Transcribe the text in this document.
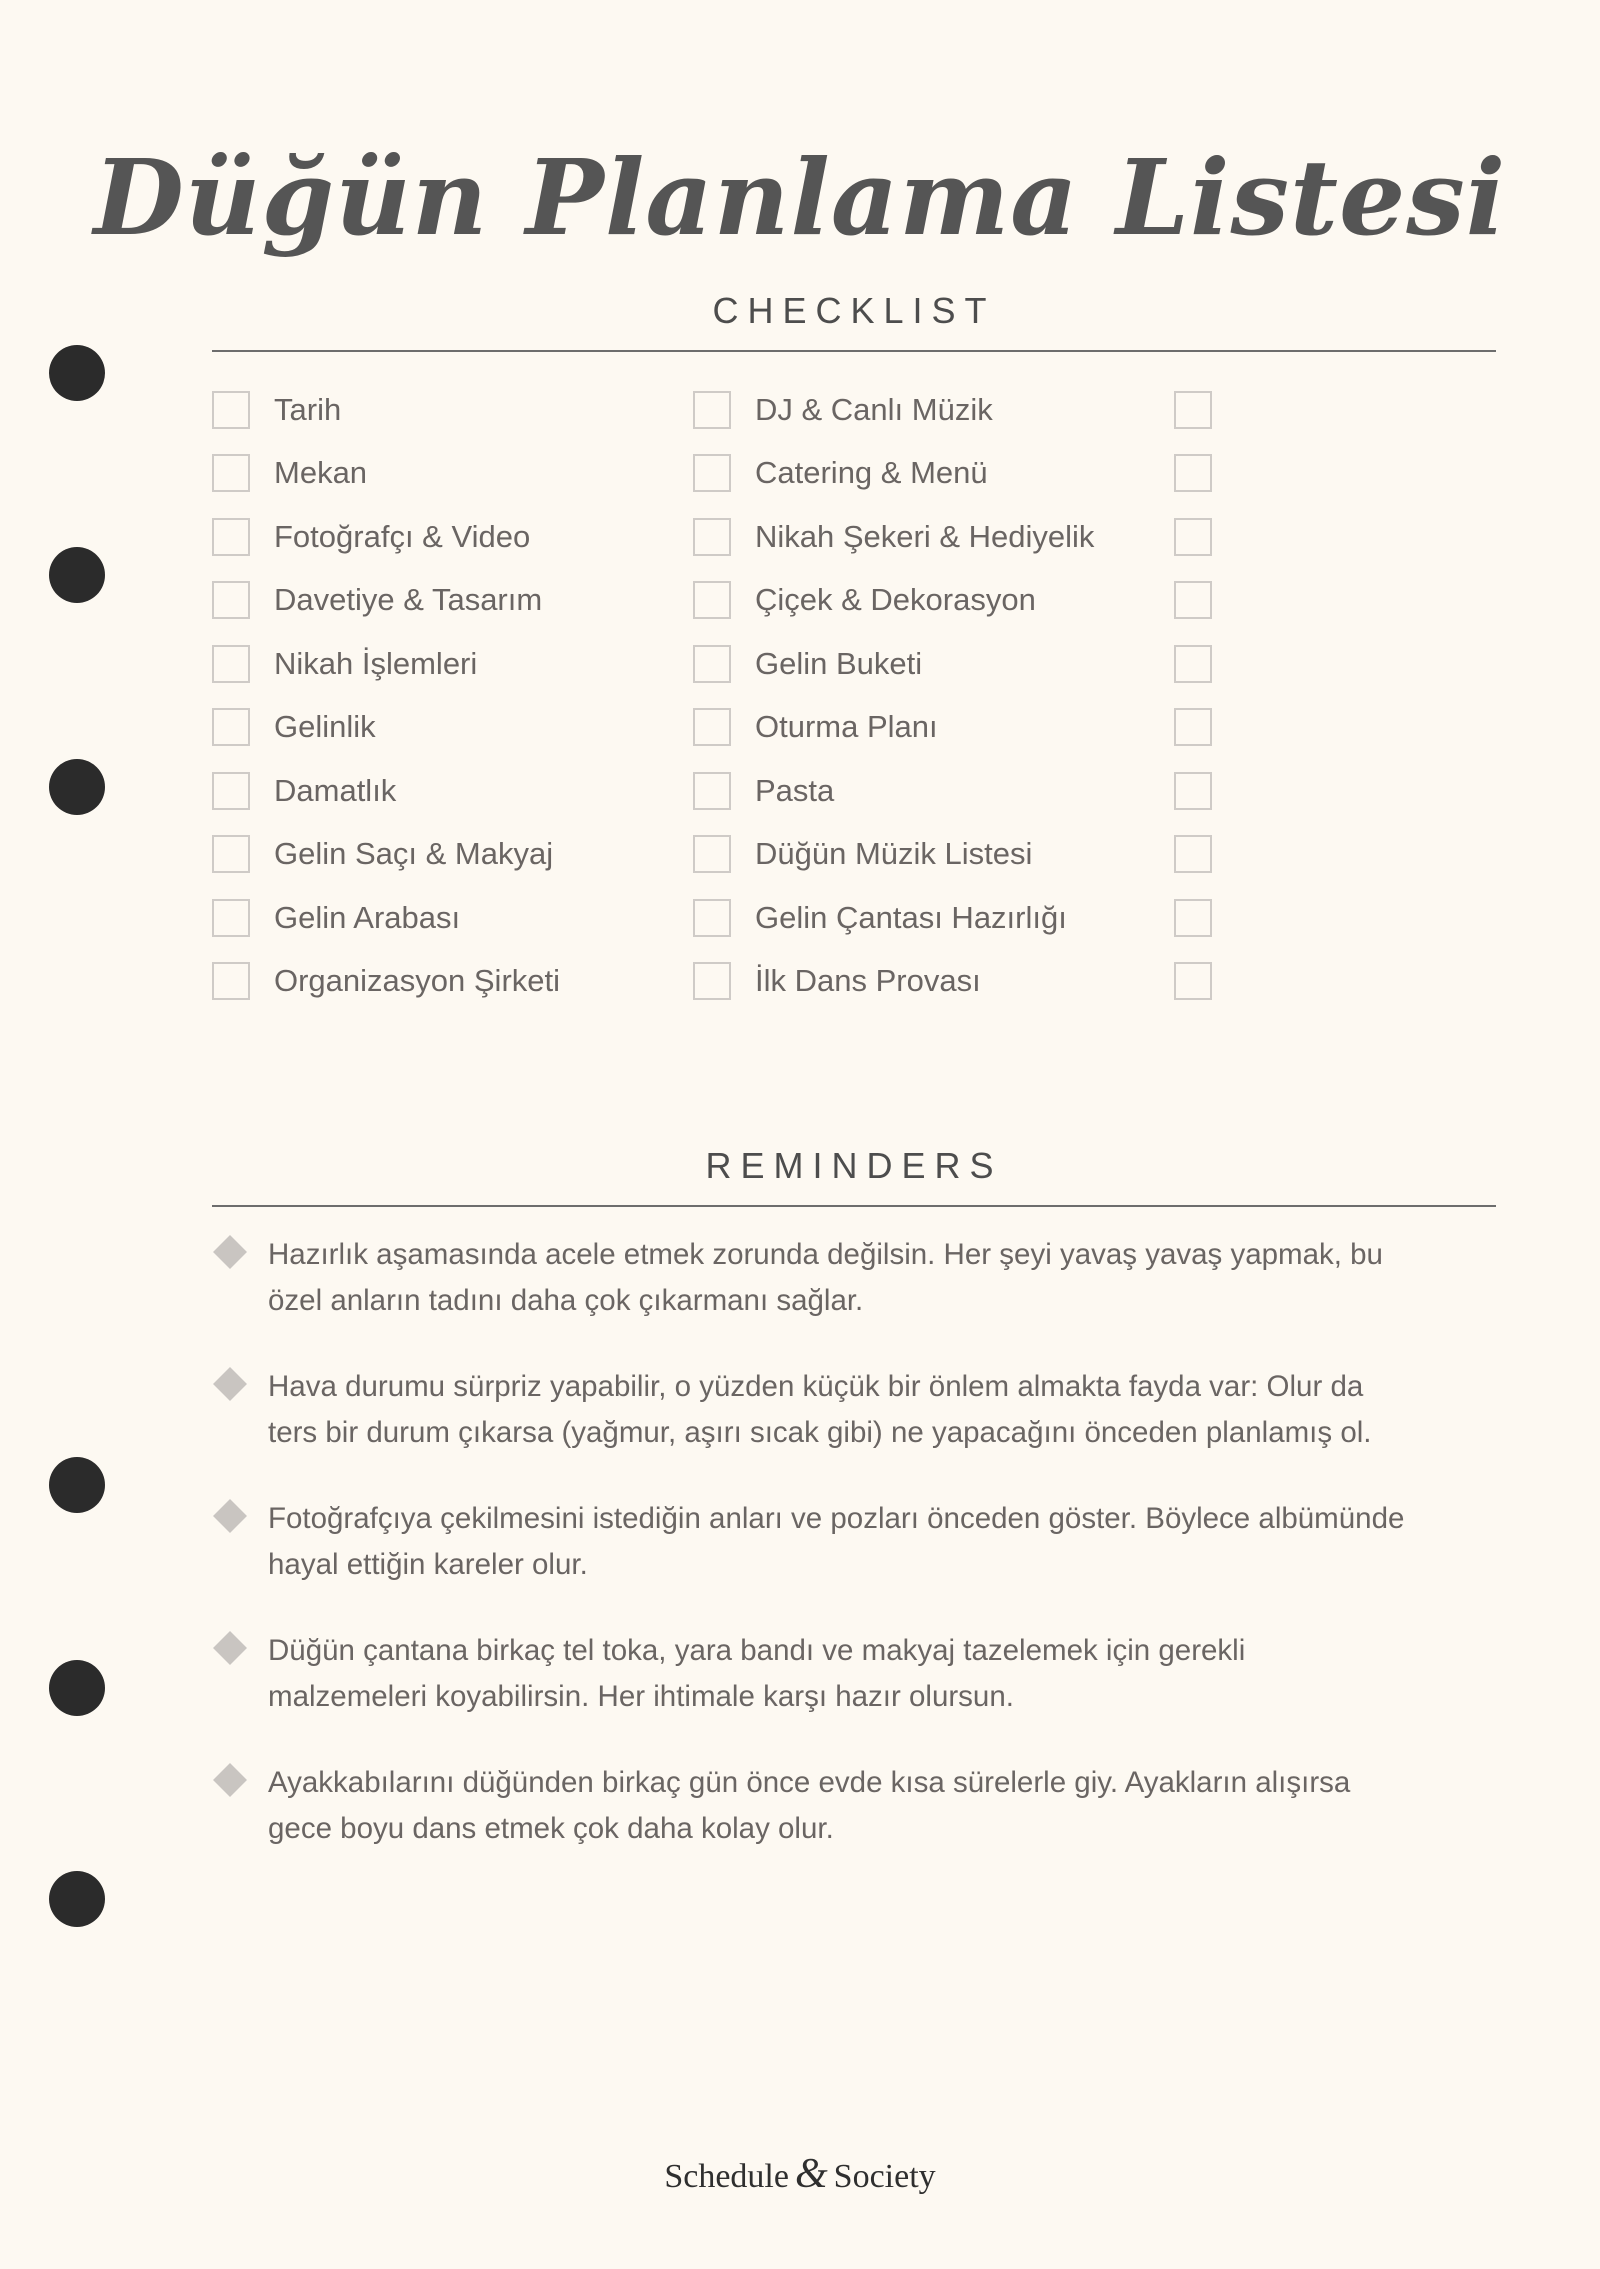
Düğün Planlama Listesi
CHECKLIST
Tarih
Mekan
Fotoğrafçı & Video
Davetiye & Tasarım
Nikah İşlemleri
Gelinlik
Damatlık
Gelin Saçı & Makyaj
Gelin Arabası
Organizasyon Şirketi
DJ & Canlı Müzik
Catering & Menü
Nikah Şekeri & Hediyelik
Çiçek & Dekorasyon
Gelin Buketi
Oturma Planı
Pasta
Düğün Müzik Listesi
Gelin Çantası Hazırlığı
İlk Dans Provası
REMINDERS
Hazırlık aşamasında acele etmek zorunda değilsin. Her şeyi yavaş yavaş yapmak, bu özel anların tadını daha çok çıkarmanı sağlar.
Hava durumu sürpriz yapabilir, o yüzden küçük bir önlem almakta fayda var: Olur da ters bir durum çıkarsa (yağmur, aşırı sıcak gibi) ne yapacağını önceden planlamış ol.
Fotoğrafçıya çekilmesini istediğin anları ve pozları önceden göster. Böylece albümünde hayal ettiğin kareler olur.
Düğün çantana birkaç tel toka, yara bandı ve makyaj tazelemek için gerekli malzemeleri koyabilirsin. Her ihtimale karşı hazır olursun.
Ayakkabılarını düğünden birkaç gün önce evde kısa sürelerle giy. Ayakların alışırsa gece boyu dans etmek çok daha kolay olur.
Schedule & Society
